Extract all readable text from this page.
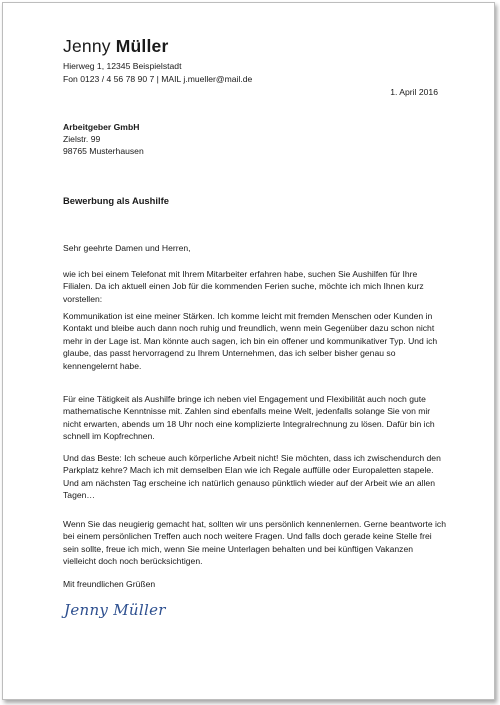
Jenny Müller

Hierweg 1, 12345 Beispielstadt

Fon 0123 / 4 56 78 90 7 | MAIL j.mueller@mail.de

1. April 2016

Arbeitgeber GmbH

Zielstr. 99

98765 Musterhausen

Bewerbung als Aushilfe

Sehr geehrte Damen und Herren,

wie ich bei einem Telefonat mit Ihrem Mitarbeiter erfahren habe, suchen Sie Aushilfen für Ihre Filialen. Da ich aktuell einen Job für die kommenden Ferien suche, möchte ich mich Ihnen kurz vorstellen:

Kommunikation ist eine meiner Stärken. Ich komme leicht mit fremden Menschen oder Kunden in Kontakt und bleibe auch dann noch ruhig und freundlich, wenn mein Gegenüber dazu schon nicht mehr in der Lage ist. Man könnte auch sagen, ich bin ein offener und kommunikativer Typ. Und ich glaube, das passt hervorragend zu Ihrem Unternehmen, das ich selber bisher genau so kennengelernt habe.

Für eine Tätigkeit als Aushilfe bringe ich neben viel Engagement und Flexibilität auch noch gute mathematische Kenntnisse mit. Zahlen sind ebenfalls meine Welt, jedenfalls solange Sie von mir nicht erwarten, abends um 18 Uhr noch eine komplizierte Integralrechnung zu lösen. Dafür bin ich schnell im Kopfrechnen.

Und das Beste: Ich scheue auch körperliche Arbeit nicht! Sie möchten, dass ich zwischendurch den Parkplatz kehre? Mach ich mit demselben Elan wie ich Regale auffülle oder Europaletten stapele. Und am nächsten Tag erscheine ich natürlich genauso pünktlich wieder auf der Arbeit wie an allen Tagen…

Wenn Sie das neugierig gemacht hat, sollten wir uns persönlich kennenlernen. Gerne beantworte ich bei einem persönlichen Treffen auch noch weitere Fragen. Und falls doch gerade keine Stelle frei sein sollte, freue ich mich, wenn Sie meine Unterlagen behalten und bei künftigen Vakanzen vielleicht doch noch berücksichtigen.

Mit freundlichen Grüßen

Jenny Müller
